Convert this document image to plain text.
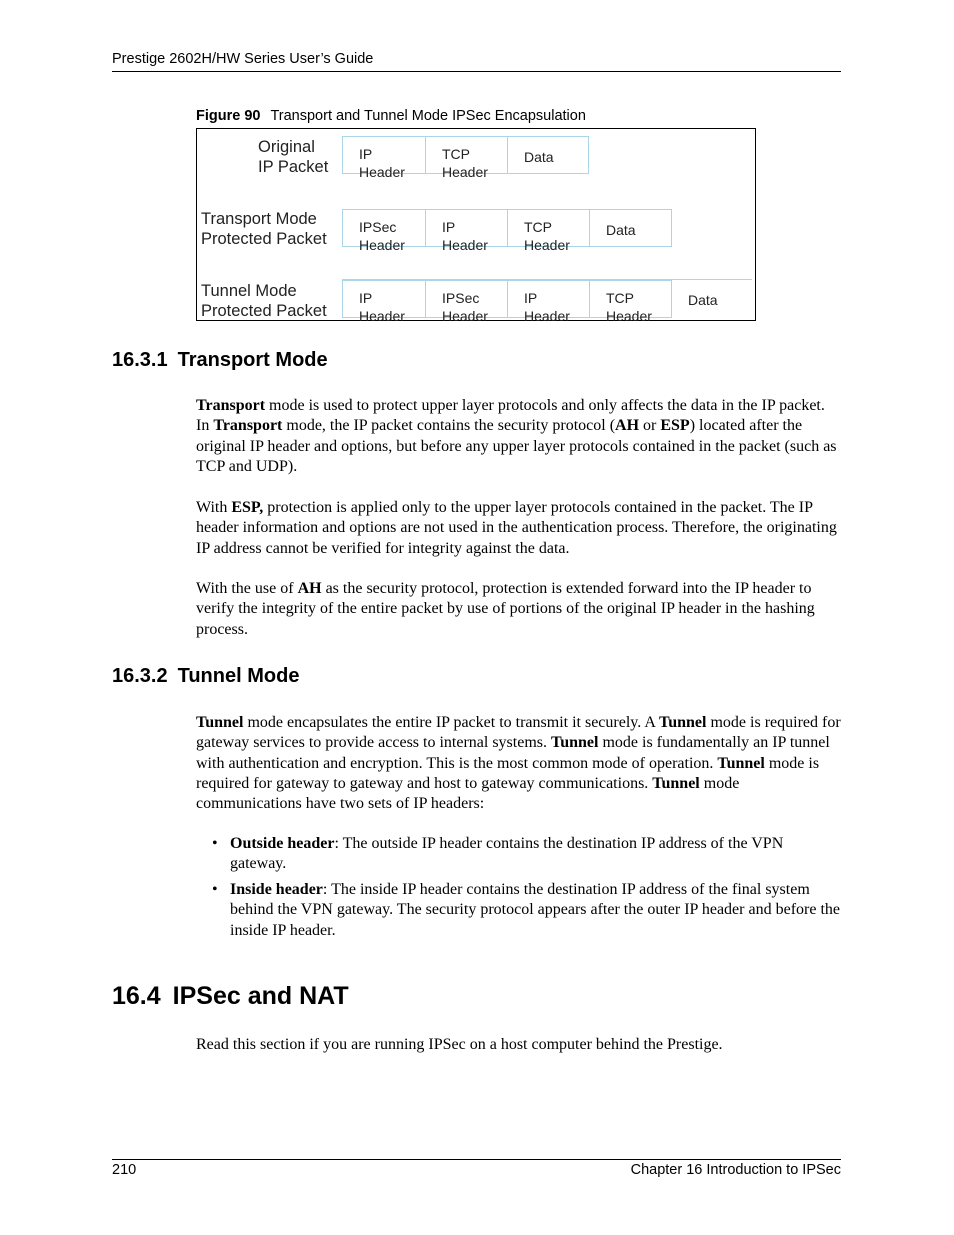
Prestige 2602H/HW Series User’s Guide
Figure 90 Transport and Tunnel Mode IPSec Encapsulation
Original
IP Packet
IP
Header
TCP
Header
Data
Transport Mode
Protected Packet
IPSec
Header
IP
Header
TCP
Header
Data
Tunnel Mode
Protected Packet
IP
Header
IPSec
Header
IP
Header
TCP
Header
Data
16.3.1 Transport Mode

Transport mode is used to protect upper layer protocols and only affects the data in the IP packet. In Transport mode, the IP packet contains the security protocol (AH or ESP) located after the original IP header and options, but before any upper layer protocols contained in the packet (such as TCP and UDP).

With ESP, protection is applied only to the upper layer protocols contained in the packet. The IP header information and options are not used in the authentication process. Therefore, the originating IP address cannot be verified for integrity against the data.

With the use of AH as the security protocol, protection is extended forward into the IP header to verify the integrity of the entire packet by use of portions of the original IP header in the hashing process.

16.3.2 Tunnel Mode

Tunnel mode encapsulates the entire IP packet to transmit it securely. A Tunnel mode is required for gateway services to provide access to internal systems. Tunnel mode is fundamentally an IP tunnel with authentication and encryption. This is the most common mode of operation. Tunnel mode is required for gateway to gateway and host to gateway communications. Tunnel mode communications have two sets of IP headers:

• Outside header: The outside IP header contains the destination IP address of the VPN gateway.
• Inside header: The inside IP header contains the destination IP address of the final system behind the VPN gateway. The security protocol appears after the outer IP header and before the inside IP header.
16.4 IPSec and NAT

Read this section if you are running IPSec on a host computer behind the Prestige.

210	Chapter 16 Introduction to IPSec
